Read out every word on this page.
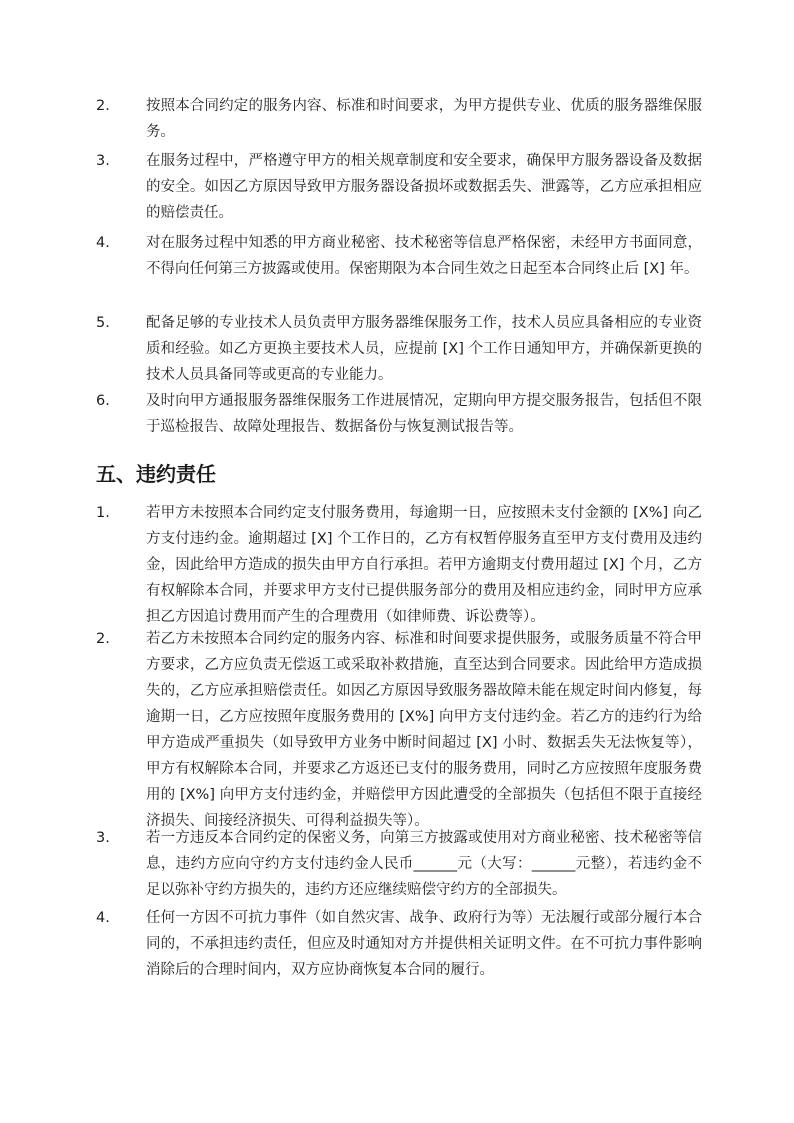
2. 按照本合同约定的服务内容、标准和时间要求，为甲方提供专业、优质的服务器维保服务。
3. 在服务过程中，严格遵守甲方的相关规章制度和安全要求，确保甲方服务器设备及数据的安全。如因乙方原因导致甲方服务器设备损坏或数据丢失、泄露等，乙方应承担相应的赔偿责任。
4. 对在服务过程中知悉的甲方商业秘密、技术秘密等信息严格保密，未经甲方书面同意，不得向任何第三方披露或使用。保密期限为本合同生效之日起至本合同终止后 [X] 年。
5. 配备足够的专业技术人员负责甲方服务器维保服务工作，技术人员应具备相应的专业资质和经验。如乙方更换主要技术人员，应提前 [X] 个工作日通知甲方，并确保新更换的技术人员具备同等或更高的专业能力。
6. 及时向甲方通报服务器维保服务工作进展情况，定期向甲方提交服务报告，包括但不限于巡检报告、故障处理报告、数据备份与恢复测试报告等。
五、违约责任
1. 若甲方未按照本合同约定支付服务费用，每逾期一日，应按照未支付金额的 [X%] 向乙方支付违约金。逾期超过 [X] 个工作日的，乙方有权暂停服务直至甲方支付费用及违约金，因此给甲方造成的损失由甲方自行承担。若甲方逾期支付费用超过 [X] 个月，乙方有权解除本合同，并要求甲方支付已提供服务部分的费用及相应违约金，同时甲方应承担乙方因追讨费用而产生的合理费用（如律师费、诉讼费等）。
2. 若乙方未按照本合同约定的服务内容、标准和时间要求提供服务，或服务质量不符合甲方要求，乙方应负责无偿返工或采取补救措施，直至达到合同要求。因此给甲方造成损失的，乙方应承担赔偿责任。如因乙方原因导致服务器故障未能在规定时间内修复，每逾期一日，乙方应按照年度服务费用的 [X%] 向甲方支付违约金。若乙方的违约行为给甲方造成严重损失（如导致甲方业务中断时间超过 [X] 小时、数据丢失无法恢复等），甲方有权解除本合同，并要求乙方返还已支付的服务费用，同时乙方应按照年度服务费用的 [X%] 向甲方支付违约金，并赔偿甲方因此遭受的全部损失（包括但不限于直接经济损失、间接经济损失、可得利益损失等）。
3. 若一方违反本合同约定的保密义务，向第三方披露或使用对方商业秘密、技术秘密等信息，违约方应向守约方支付违约金人民币______元（大写：______元整），若违约金不足以弥补守约方损失的，违约方还应继续赔偿守约方的全部损失。
4. 任何一方因不可抗力事件（如自然灾害、战争、政府行为等）无法履行或部分履行本合同的，不承担违约责任，但应及时通知对方并提供相关证明文件。在不可抗力事件影响消除后的合理时间内，双方应协商恢复本合同的履行。
